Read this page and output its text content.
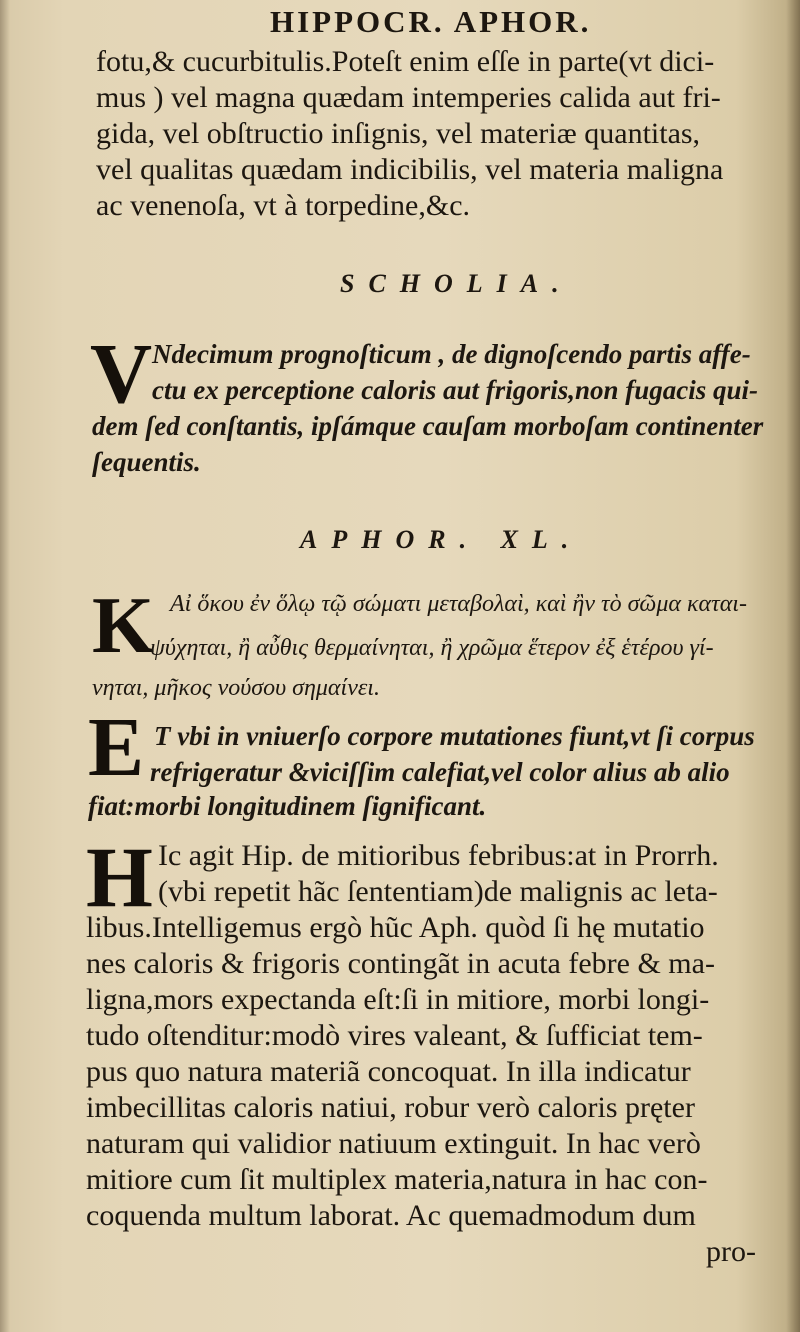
HIPPOCR. APHOR.
fotu,& cucurbitulis.Poteſt enim eſſe in parte(vt dici-
mus ) vel magna quædam intemperies calida aut fri-
gida, vel obſtructio inſignis, vel materiæ quantitas,
vel qualitas quædam indicibilis, vel materia maligna
ac venenoſa, vt à torpedine,&c.
SCHOLIA.
V Ndecimum prognoſticum , de dignoſcendo partis affe-
ctu ex perceptione caloris aut frigoris,non fugacis qui-
dem ſed conſtantis, ipſámque cauſam morboſam continenter
ſequentis.
APHOR. XL.
K Αἰ ὅκου ἐν ὅλῳ τῷ σώματι μεταβολαὶ, καὶ ἢν τὸ σῶμα καται-
ψύχηται, ἢ αὖθις θερμαίνηται, ἢ χρῶμα ἕτερον ἐξ ἑτέρου γί-
νηται, μῆκος νούσου σημαίνει.
E T vbi in vniuerſo corpore mutationes fiunt,vt ſi corpus
refrigeratur &viciſſim calefiat,vel color alius ab alio
fiat:morbi longitudinem ſignificant.
H Ic agit Hip. de mitioribus febribus:at in Prorrh.
(vbi repetit hãc ſententiam)de malignis ac leta-
libus.Intelligemus ergò hũc Aph. quòd ſi hę mutatio
nes caloris & frigoris contingãt in acuta febre & ma-
ligna,mors expectanda eſt:ſi in mitiore, morbi longi-
tudo oſtenditur:modò vires valeant, & ſufficiat tem-
pus quo natura materiã concoquat. In illa indicatur
imbecillitas caloris natiui, robur verò caloris pręter
naturam qui validior natiuum extinguit. In hac verò
mitiore cum ſit multiplex materia,natura in hac con-
coquenda multum laborat. Ac quemadmodum dum
pro-
